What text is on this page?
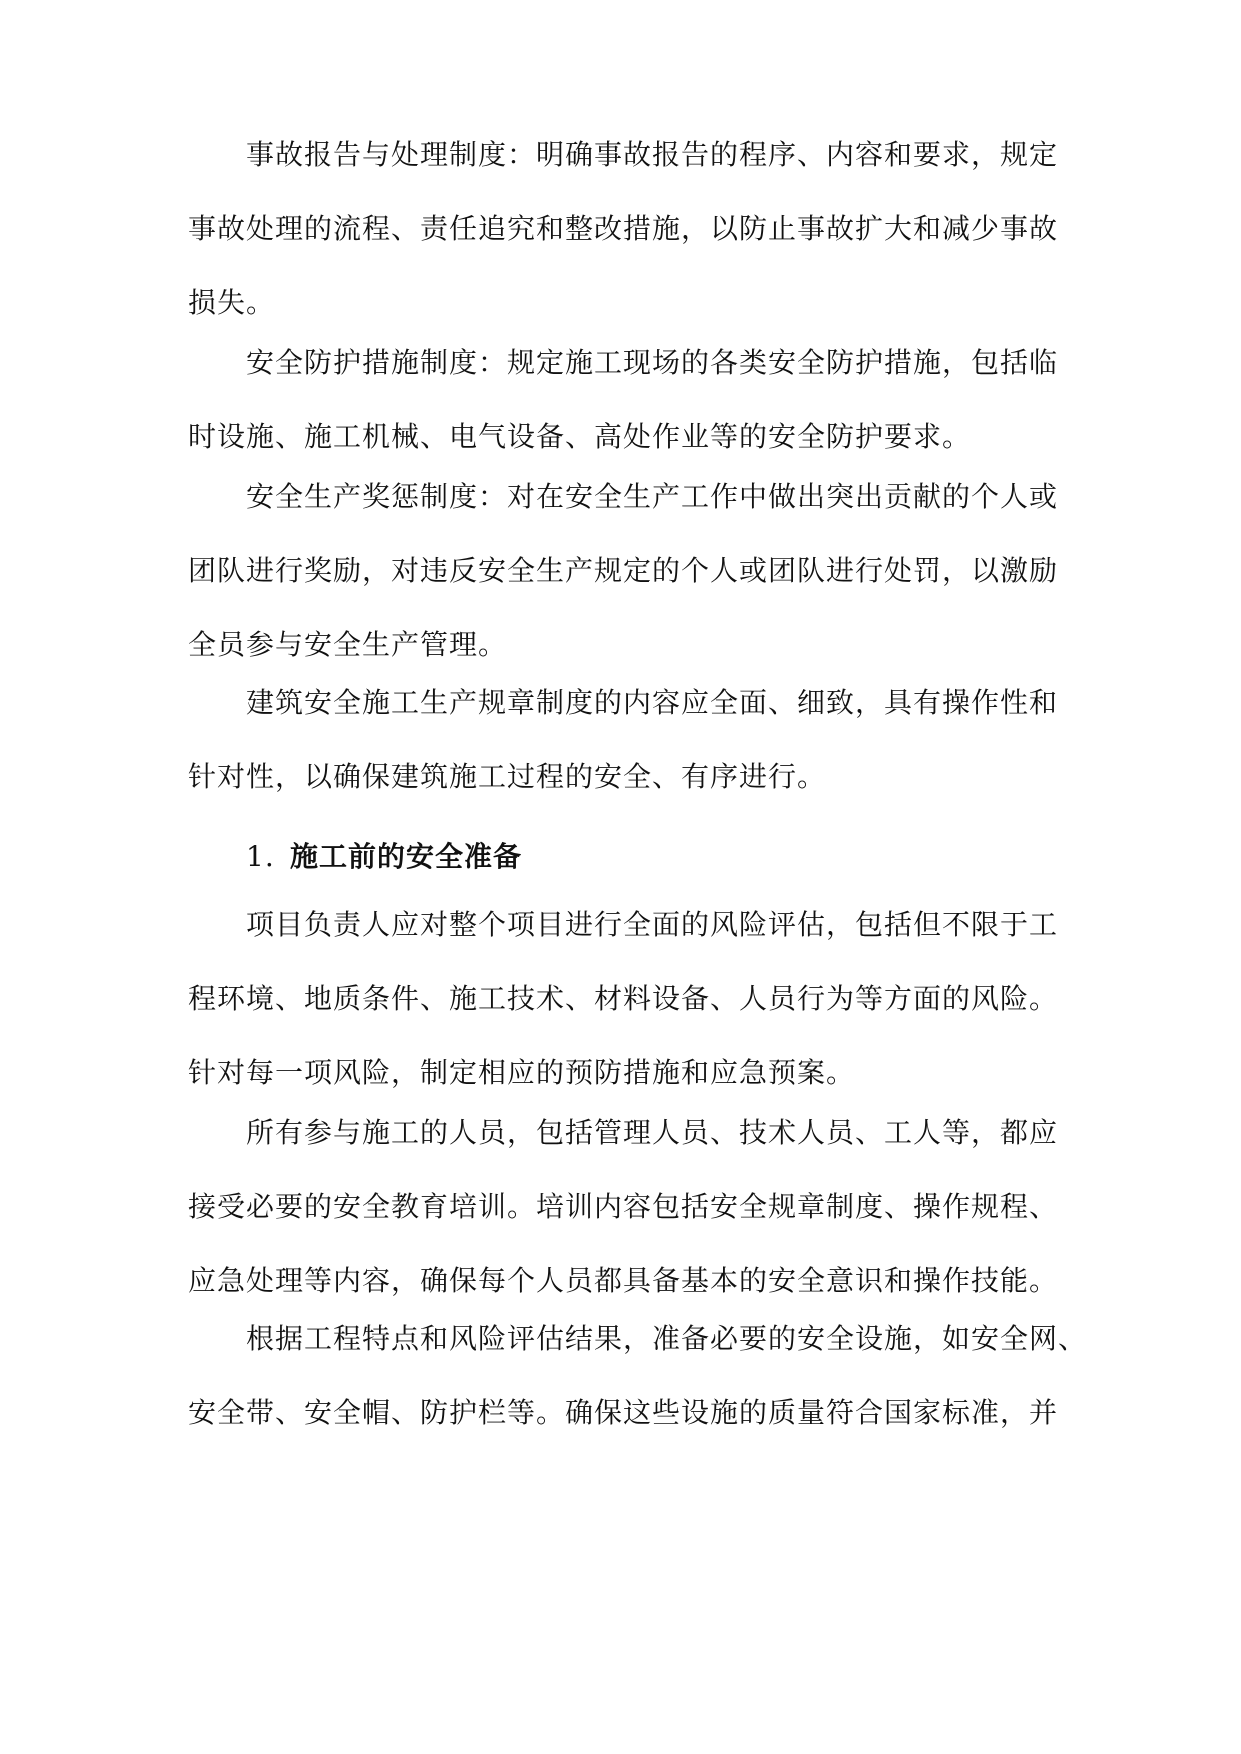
事故报告与处理制度：明确事故报告的程序、内容和要求，规定
事故处理的流程、责任追究和整改措施，以防止事故扩大和减少事故
损失。

安全防护措施制度：规定施工现场的各类安全防护措施，包括临
时设施、施工机械、电气设备、高处作业等的安全防护要求。

安全生产奖惩制度：对在安全生产工作中做出突出贡献的个人或
团队进行奖励，对违反安全生产规定的个人或团队进行处罚，以激励
全员参与安全生产管理。

建筑安全施工生产规章制度的内容应全面、细致，具有操作性和
针对性，以确保建筑施工过程的安全、有序进行。

1. 施工前的安全准备

项目负责人应对整个项目进行全面的风险评估，包括但不限于工
程环境、地质条件、施工技术、材料设备、人员行为等方面的风险。
针对每一项风险，制定相应的预防措施和应急预案。

所有参与施工的人员，包括管理人员、技术人员、工人等，都应
接受必要的安全教育培训。培训内容包括安全规章制度、操作规程、
应急处理等内容，确保每个人员都具备基本的安全意识和操作技能。

根据工程特点和风险评估结果，准备必要的安全设施，如安全网、
安全带、安全帽、防护栏等。确保这些设施的质量符合国家标准，并
